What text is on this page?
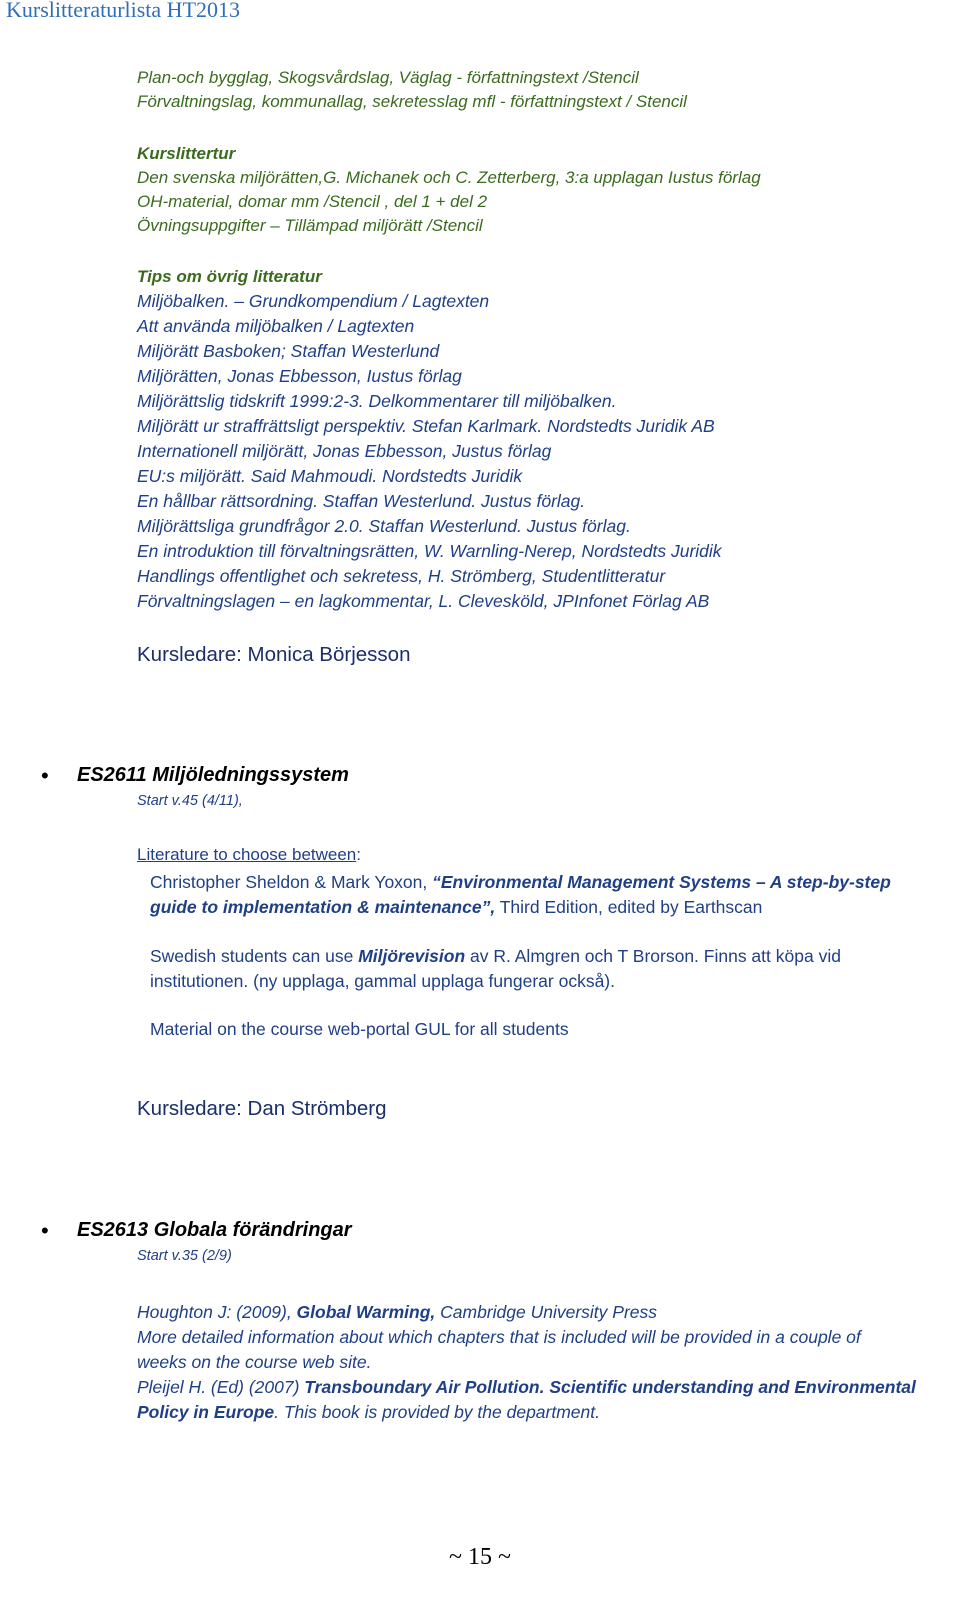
Kurslitteraturlista HT2013
Plan-och bygglag, Skogsvårdslag, Väglag - författningstext /Stencil
Förvaltningslag, kommunallag, sekretesslag mfl - författningstext / Stencil
Kurslittertur
Den svenska miljörätten,G. Michanek och C. Zetterberg, 3:a upplagan Iustus förlag
OH-material, domar mm /Stencil , del 1 + del 2
Övningsuppgifter – Tillämpad miljörätt /Stencil
Tips om övrig litteratur
Miljöbalken. – Grundkompendium / Lagtexten
Att använda miljöbalken / Lagtexten
Miljörätt Basboken; Staffan Westerlund
Miljörätten, Jonas Ebbesson, Iustus förlag
Miljörättslig tidskrift 1999:2-3. Delkommentarer till miljöbalken.
Miljörätt ur straffrättsligt perspektiv. Stefan Karlmark. Nordstedts Juridik AB
Internationell miljörätt, Jonas Ebbesson, Justus förlag
EU:s miljörätt. Said Mahmoudi. Nordstedts Juridik
En hållbar rättsordning. Staffan Westerlund. Justus förlag.
Miljörättsliga grundfrågor 2.0. Staffan Westerlund. Justus förlag.
En introduktion till förvaltningsrätten, W. Warnling-Nerep, Nordstedts Juridik
Handlings offentlighet och sekretess, H. Strömberg, Studentlitteratur
Förvaltningslagen – en lagkommentar, L. Clevesköld, JPInfonet Förlag AB
Kursledare: Monica Börjesson
• ES2611 Miljöledningssystem
Start v.45 (4/11),
Literature to choose between:
Christopher Sheldon & Mark Yoxon, “Environmental Management Systems – A step-by-step
guide to implementation & maintenance”, Third Edition, edited by Earthscan
Swedish students can use Miljörevision av R. Almgren och T Brorson. Finns att köpa vid
institutionen. (ny upplaga, gammal upplaga fungerar också).
Material on the course web-portal GUL for all students
Kursledare: Dan Strömberg
• ES2613 Globala förändringar
Start v.35 (2/9)
Houghton J: (2009), Global Warming, Cambridge University Press
More detailed information about which chapters that is included will be provided in a couple of
weeks on the course web site.
Pleijel H. (Ed) (2007) Transboundary Air Pollution. Scientific understanding and Environmental
Policy in Europe. This book is provided by the department.
~ 15 ~
